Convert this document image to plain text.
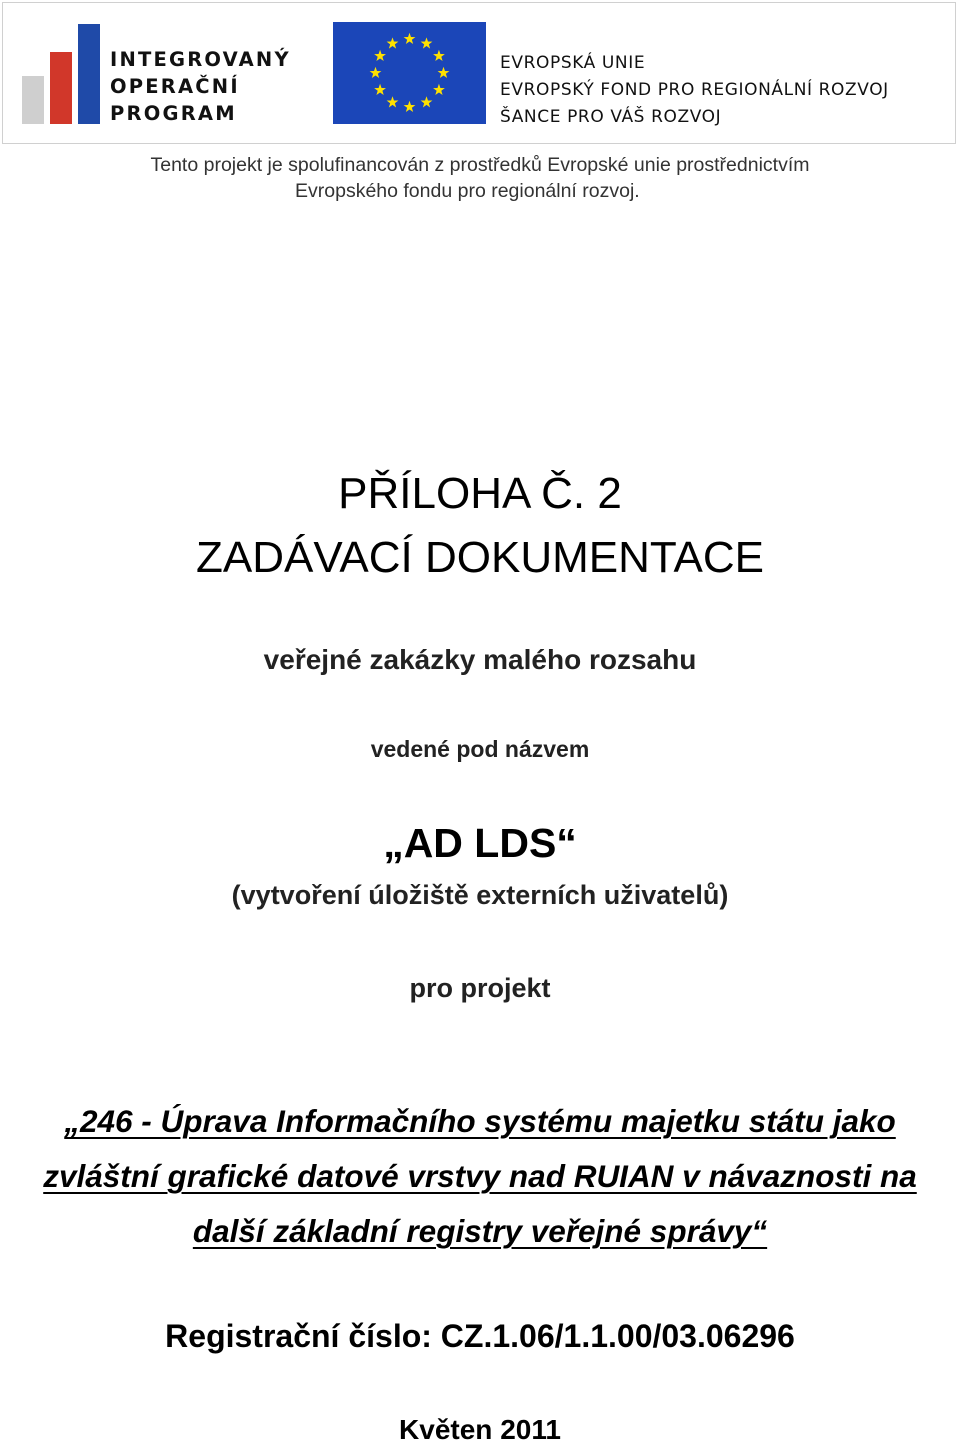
INTEGROVANÝ
OPERAČNÍ
PROGRAM
EVROPSKÁ UNIE
EVROPSKÝ FOND PRO REGIONÁLNÍ ROZVOJ
ŠANCE PRO VÁŠ ROZVOJ
Tento projekt je spolufinancován z prostředků Evropské unie prostřednictvím
Evropského fondu pro regionální rozvoj.
PŘÍLOHA Č. 2
ZADÁVACÍ DOKUMENTACE
veřejné zakázky malého rozsahu
vedené pod názvem
„AD LDS“
(vytvoření úložiště externích uživatelů)
pro projekt
„246 - Úprava Informačního systému majetku státu jako
zvláštní grafické datové vrstvy nad RUIAN v návaznosti na
další základní registry veřejné správy“
Registrační číslo: CZ.1.06/1.1.00/03.06296
Květen 2011
